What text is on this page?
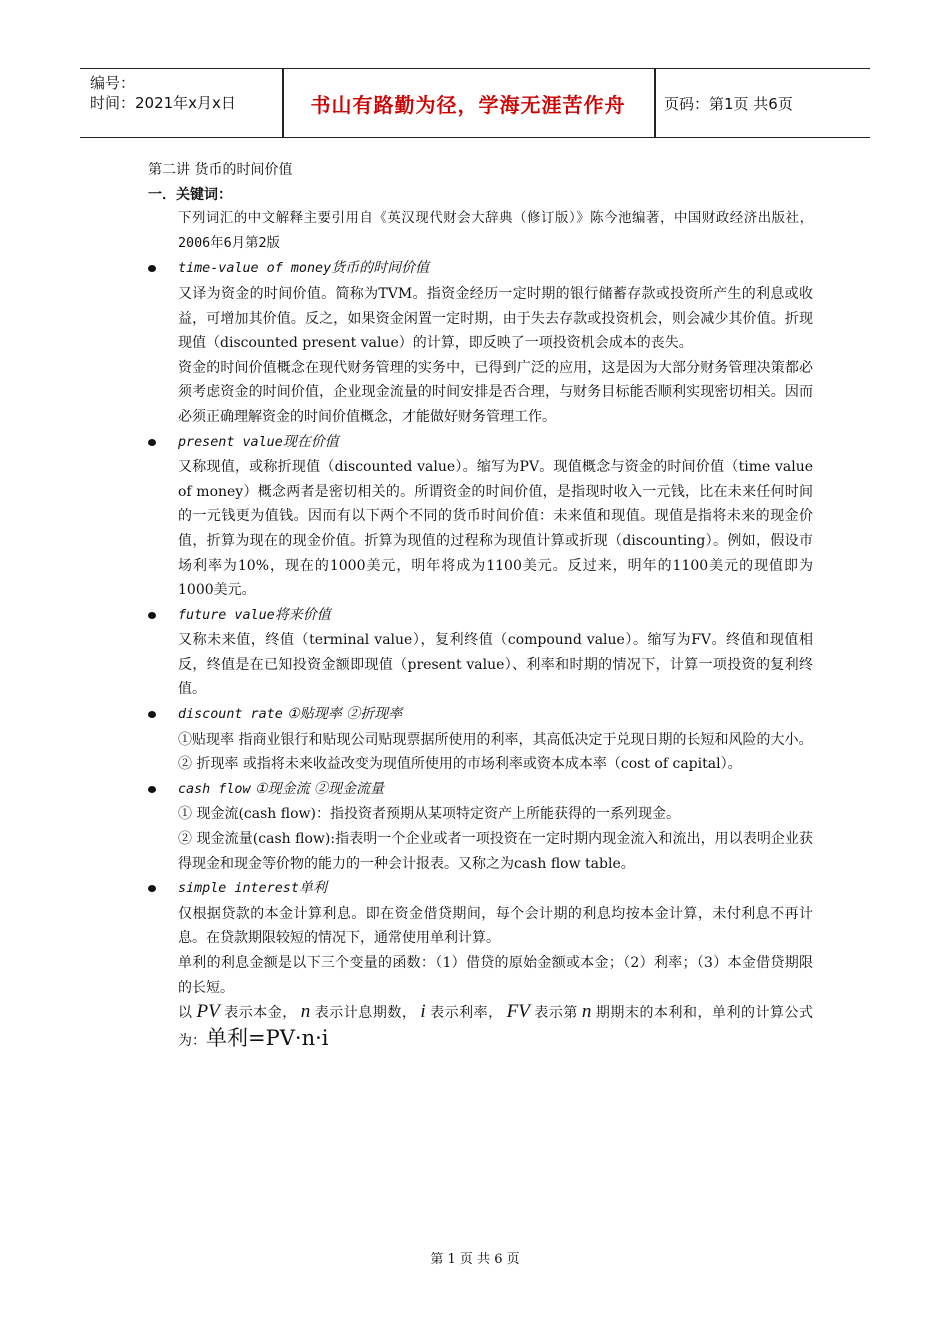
编号：
时间：2021年x月x日	书山有路勤为径，学海无涯苦作舟	页码：第1页 共6页

第二讲 货币的时间价值

一．关键词：

下列词汇的中文解释主要引用自《英汉现代财会大辞典（修订版）》陈今池编著，中国财政经济出版社，2006年6月第2版

time-value of money货币的时间价值

又译为资金的时间价值。简称为TVM。指资金经历一定时期的银行储蓄存款或投资所产生的利息或收益，可增加其价值。反之，如果资金闲置一定时期，由于失去存款或投资机会，则会减少其价值。折现现值（discounted present value）的计算，即反映了一项投资机会成本的丧失。

资金的时间价值概念在现代财务管理的实务中，已得到广泛的应用，这是因为大部分财务管理决策都必须考虑资金的时间价值，企业现金流量的时间安排是否合理，与财务目标能否顺利实现密切相关。因而必须正确理解资金的时间价值概念，才能做好财务管理工作。

present value现在价值

又称现值，或称折现值（discounted value）。缩写为PV。现值概念与资金的时间价值（time value of money）概念两者是密切相关的。所谓资金的时间价值，是指现时收入一元钱，比在未来任何时间的一元钱更为值钱。因而有以下两个不同的货币时间价值：未来值和现值。现值是指将未来的现金价值，折算为现在的现金价值。折算为现值的过程称为现值计算或折现（discounting）。例如，假设市场利率为10%，现在的1000美元，明年将成为1100美元。反过来，明年的1100美元的现值即为1000美元。

future value将来价值

又称未来值，终值（terminal value），复利终值（compound value）。缩写为FV。终值和现值相反，终值是在已知投资金额即现值（present value）、利率和时期的情况下，计算一项投资的复利终值。

discount rate ①贴现率 ②折现率

①贴现率 指商业银行和贴现公司贴现票据所使用的利率，其高低决定于兑现日期的长短和风险的大小。

② 折现率 或指将未来收益改变为现值所使用的市场利率或资本成本率（cost of capital）。

cash flow ①现金流 ②现金流量

① 现金流(cash flow)：指投资者预期从某项特定资产上所能获得的一系列现金。

② 现金流量(cash flow):指表明一个企业或者一项投资在一定时期内现金流入和流出，用以表明企业获得现金和现金等价物的能力的一种会计报表。又称之为cash flow table。

simple interest单利

仅根据贷款的本金计算利息。即在资金借贷期间，每个会计期的利息均按本金计算，未付利息不再计息。在贷款期限较短的情况下，通常使用单利计算。

单利的利息金额是以下三个变量的函数：（1）借贷的原始金额或本金；（2）利率；（3）本金借贷期限的长短。

以 PV 表示本金， n 表示计息期数， i 表示利率， FV 表示第 n 期期末的本利和，单利的计算公式为：单利=PV·n·i

第 1 页 共 6 页
